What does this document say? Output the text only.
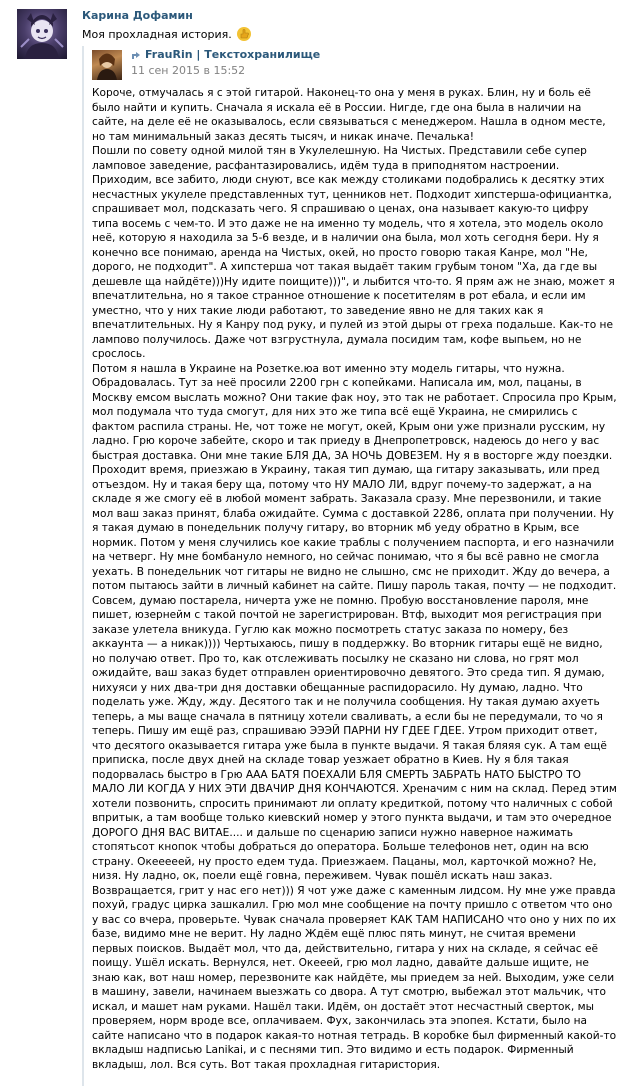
Карина Дофамин
Моя прохладная история.
FrauRin | Текстохранилище
11 сен 2015 в 15:52

Короче, отмучалась я с этой гитарой. Наконец-то она у меня в руках. Блин, ну и боль её было найти и купить. Сначала я искала её в России. Нигде, где она была в наличии на сайте, на деле её не оказывалось, если связываться с менеджером. Нашла в одном месте, но там минимальный заказ десять тысяч, и никак иначе. Печалька!

Пошли по совету одной милой тян в Укулелешную. На Чистых. Представили себе супер ламповое заведение, расфантазировались, идём туда в приподнятом настроении. Приходим, все забито, люди снуют, все как между столиками подобрались к десятку этих несчастных укулеле представленных тут, ценников нет. Подходит хипстерша-официантка, спрашивает мол, подсказать чего. Я спрашиваю о ценах, она называет какую-то цифру типа восемь с чем-то. И это даже не на именно ту модель, что я хотела, это модель около неё, которую я находила за 5-6 везде, и в наличии она была, мол хоть сегодня бери. Ну я конечно все понимаю, аренда на Чистых, окей, но просто говорю такая Канре, мол "Не, дорого, не подходит". А хипстерша чот такая выдаёт таким грубым тоном "Ха, да где вы дешевле ща найдёте)))Ну идите поищите)))", и лыбится что-то. Я прям аж не знаю, может я впечатлительна, но я такое странное отношение к посетителям в рот ебала, и если им уместно, что у них такие люди работают, то заведение явно не для таких как я впечатлительных. Ну я Канру под руку, и пулей из этой дыры от греха подальше. Как-то не лампово получилось. Даже чот взгрустнула, думала посидим там, кофе выпьем, но не срослось.

Потом я нашла в Украине на Розетке.юа вот именно эту модель гитары, что нужна. Обрадовалась. Тут за неё просили 2200 грн с копейками. Написала им, мол, пацаны, в Москву емсом выслать можно? Они такие фак ноу, это так не работает. Спросила про Крым, мол подумала что туда смогут, для них это же типа всё ещё Украина, не смирились с фактом распила страны. Не, чот тоже не могут, окей, Крым они уже признали русским, ну ладно. Грю короче забейте, скоро и так приеду в Днепропетровск, надеюсь до него у вас быстрая доставка. Они мне такие БЛЯ ДА, ЗА НОЧЬ ДОВЕЗЕМ. Ну я в восторге жду поездки. Проходит время, приезжаю в Украину, такая тип думаю, ща гитару заказывать, или пред отъездом. Ну и такая беру ща, потому что НУ МАЛО ЛИ, вдруг почему-то задержат, а на складе я же смогу её в любой момент забрать. Заказала сразу. Мне перезвонили, и такие мол ваш заказ принят, блаба ожидайте. Сумма с доставкой 2286, оплата при получении. Ну я такая думаю в понедельник получу гитару, во вторник мб уеду обратно в Крым, все нормик. Потом у меня случились кое какие траблы с получением паспорта, и его назначили на четверг. Ну мне бомбануло немного, но сейчас понимаю, что я бы всё равно не смогла уехать. В понедельник чот гитары не видно не слышно, смс не приходит. Жду до вечера, а потом пытаюсь зайти в личный кабинет на сайте. Пишу пароль такая, почту — не подходит. Совсем, думаю постарела, ничерта уже не помню. Пробую восстановление пароля, мне пишет, юзернейм с такой почтой не зарегистрирован. Втф, выходит моя регистрация при заказе улетела вникуда. Гуглю как можно посмотреть статус заказа по номеру, без аккаунта — а никак)))) Чертыхаюсь, пишу в поддержку. Во вторник гитары ещё не видно, но получаю ответ. Про то, как отслеживать посылку не сказано ни слова, но грят мол ожидайте, ваш заказ будет отправлен ориентировочно девятого. Это среда тип. Я думаю, нихуяси у них два-три дня доставки обещанные распидорасило. Ну думаю, ладно. Что поделать уже. Жду, жду. Десятого так и не получила сообщения. Ну такая думаю ахуеть теперь, а мы ваще сначала в пятницу хотели сваливать, а если бы не передумали, то чо я теперь. Пишу им ещё раз, спрашиваю ЭЭЭЙ ПАРНИ НУ ГДЕЕ ГДЕЕ. Утром приходит ответ, что десятого оказывается гитара уже была в пункте выдачи. Я такая бляяя сук. А там ещё приписка, после двух дней на складе товар уезжает обратно в Киев. Ну я бля такая подорвалась быстро в Грю ААА БАТЯ ПОЕХАЛИ БЛЯ СМЕРТЬ ЗАБРАТЬ НАТО БЫСТРО ТО МАЛО ЛИ КОГДА У НИХ ЭТИ ДВАЧИР ДНЯ КОНЧАЮТСЯ. Хреначим с ним на склад. Перед этим хотели позвонить, спросить принимают ли оплату кредиткой, потому что наличных с собой впритык, а там вообще только киевский номер у этого пункта выдачи, и там это очередное ДОРОГО ДНЯ ВАС ВИТАЕ.... и дальше по сценарию записи нужно наверное нажимать стопятьсот кнопок чтобы добраться до оператора. Больше телефонов нет, один на всю страну. Окееееей, ну просто едем туда. Приезжаем. Пацаны, мол, карточкой можно? Не, низя. Ну ладно, ок, поели ещё говна, переживем. Чувак пошёл искать наш заказ. Возвращается, грит у нас его нет))) Я чот уже даже с каменным лидсом. Ну мне уже правда похуй, градус цирка зашкалил. Грю мол мне сообщение на почту пришло с ответом что оно у вас со вчера, проверьте. Чувак сначала проверяет КАК ТАМ НАПИСАНО что оно у них по их базе, видимо мне не верит. Ну ладно Ждём ещё плюс пять минут, не считая времени первых поисков. Выдаёт мол, что да, действительно, гитара у них на складе, я сейчас её поищу. Ушёл искать. Вернулся, нет. Окееей, грю мол ладно, давайте дальше ищите, не знаю как, вот наш номер, перезвоните как найдёте, мы приедем за ней. Выходим, уже сели в машину, завели, начинаем выезжать со двора. А тут смотрю, выбежал этот мальчик, что искал, и машет нам руками. Нашёл таки. Идём, он достаёт этот несчастный сверток, мы проверяем, норм вроде все, оплачиваем. Фух, закончилась эта эпопея. Кстати, было на сайте написано что в подарок какая-то нотная тетрадь. В коробке был фирменный какой-то вкладыш надписью Lanikai, и с песнями тип. Это видимо и есть подарок. Фирменный вкладыш, лол. Вся суть. Вот такая прохладная гитаристория.
